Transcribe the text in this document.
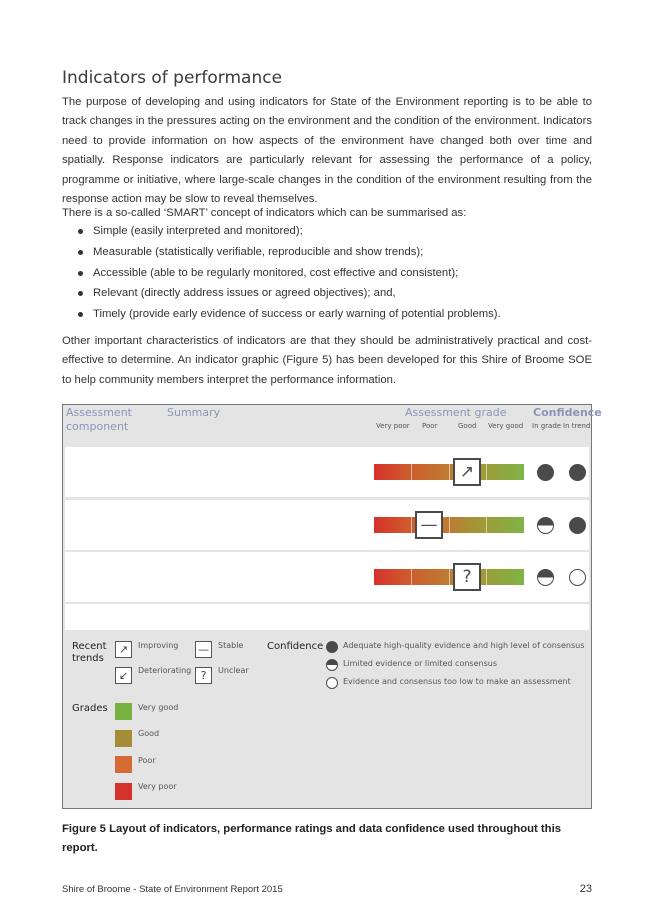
Indicators of performance

The purpose of developing and using indicators for State of the Environment reporting is to be able to track changes in the pressures acting on the environment and the condition of the environment. Indicators need to provide information on how aspects of the environment have changed both over time and spatially. Response indicators are particularly relevant for assessing the performance of a policy, programme or initiative, where large-scale changes in the condition of the environment resulting from the response action may be slow to reveal themselves.

There is a so-called ‘SMART’ concept of indicators which can be summarised as:

Simple (easily interpreted and monitored);
Measurable (statistically verifiable, reproducible and show trends);
Accessible (able to be regularly monitored, cost effective and consistent);
Relevant (directly address issues or agreed objectives); and,
Timely (provide early evidence of success or early warning of potential problems).

Other important characteristics of indicators are that they should be administratively practical and cost-effective to determine. An indicator graphic (Figure 5) has been developed for this Shire of Broome SOE to help community members interpret the performance information.

Assessment component
Summary	Assessment grade Confidence
Very poor Poor	Good Very good In grade In trend
↗
—
?
Recent trends
↗	Improving
↙	Deteriorating
—	Stable
?	Unclear
Confidence Adequate high-quality evidence and high level of consensus
Limited evidence or limited consensus
Evidence and consensus too low to make an assessment
Grades	Very good
Good
Poor
Very poor

Figure 5 Layout of indicators, performance ratings and data confidence used throughout this report.

Shire of Broome - State of Environment Report 2015	23
